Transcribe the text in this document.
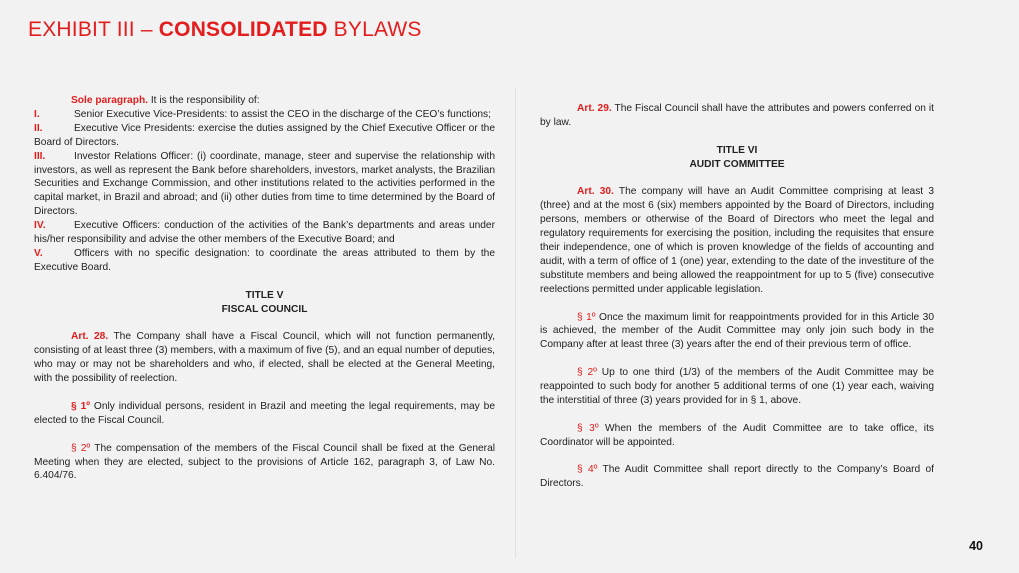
EXHIBIT III – CONSOLIDATED BYLAWS

Sole paragraph. It is the responsibility of:

I.	Senior Executive Vice-Presidents: to assist the CEO in the discharge of the CEO’s functions;

II.	Executive Vice Presidents: exercise the duties assigned by the Chief Executive Officer or the Board of Directors.

III.	Investor Relations Officer: (i) coordinate, manage, steer and supervise the relationship with investors, as well as represent the Bank before shareholders, investors, market analysts, the Brazilian Securities and Exchange Commission, and other institutions related to the activities performed in the capital market, in Brazil and abroad; and (ii) other duties from time to time determined by the Board of Directors.

IV.	Executive Officers: conduction of the activities of the Bank’s departments and areas under his/her responsibility and advise the other members of the Executive Board; and

V.	Officers with no specific designation: to coordinate the areas attributed to them by the Executive Board.

TITLE V

FISCAL COUNCIL

Art. 28. The Company shall have a Fiscal Council, which will not function permanently, consisting of at least three (3) members, with a maximum of five (5), and an equal number of deputies, who may or may not be shareholders and who, if elected, shall be elected at the General Meeting, with the possibility of reelection.

§ 1º Only individual persons, resident in Brazil and meeting the legal requirements, may be elected to the Fiscal Council.

§ 2º The compensation of the members of the Fiscal Council shall be fixed at the General Meeting when they are elected, subject to the provisions of Article 162, paragraph 3, of Law No. 6.404/76.

Art. 29. The Fiscal Council shall have the attributes and powers conferred on it by law.

TITLE VI

AUDIT COMMITTEE

Art. 30. The company will have an Audit Committee comprising at least 3 (three) and at the most 6 (six) members appointed by the Board of Directors, including persons, members or otherwise of the Board of Directors who meet the legal and regulatory requirements for exercising the position, including the requisites that ensure their independence, one of which is proven knowledge of the fields of accounting and audit, with a term of office of 1 (one) year, extending to the date of the investiture of the substitute members and being allowed the reappointment for up to 5 (five) consecutive reelections permitted under applicable legislation.

§ 1º Once the maximum limit for reappointments provided for in this Article 30 is achieved, the member of the Audit Committee may only join such body in the Company after at least three (3) years after the end of their previous term of office.

§ 2º Up to one third (1/3) of the members of the Audit Committee may be reappointed to such body for another 5 additional terms of one (1) year each, waiving the interstitial of three (3) years provided for in § 1, above.

§ 3º When the members of the Audit Committee are to take office, its Coordinator will be appointed.

§ 4º The Audit Committee shall report directly to the Company’s Board of Directors.

40
